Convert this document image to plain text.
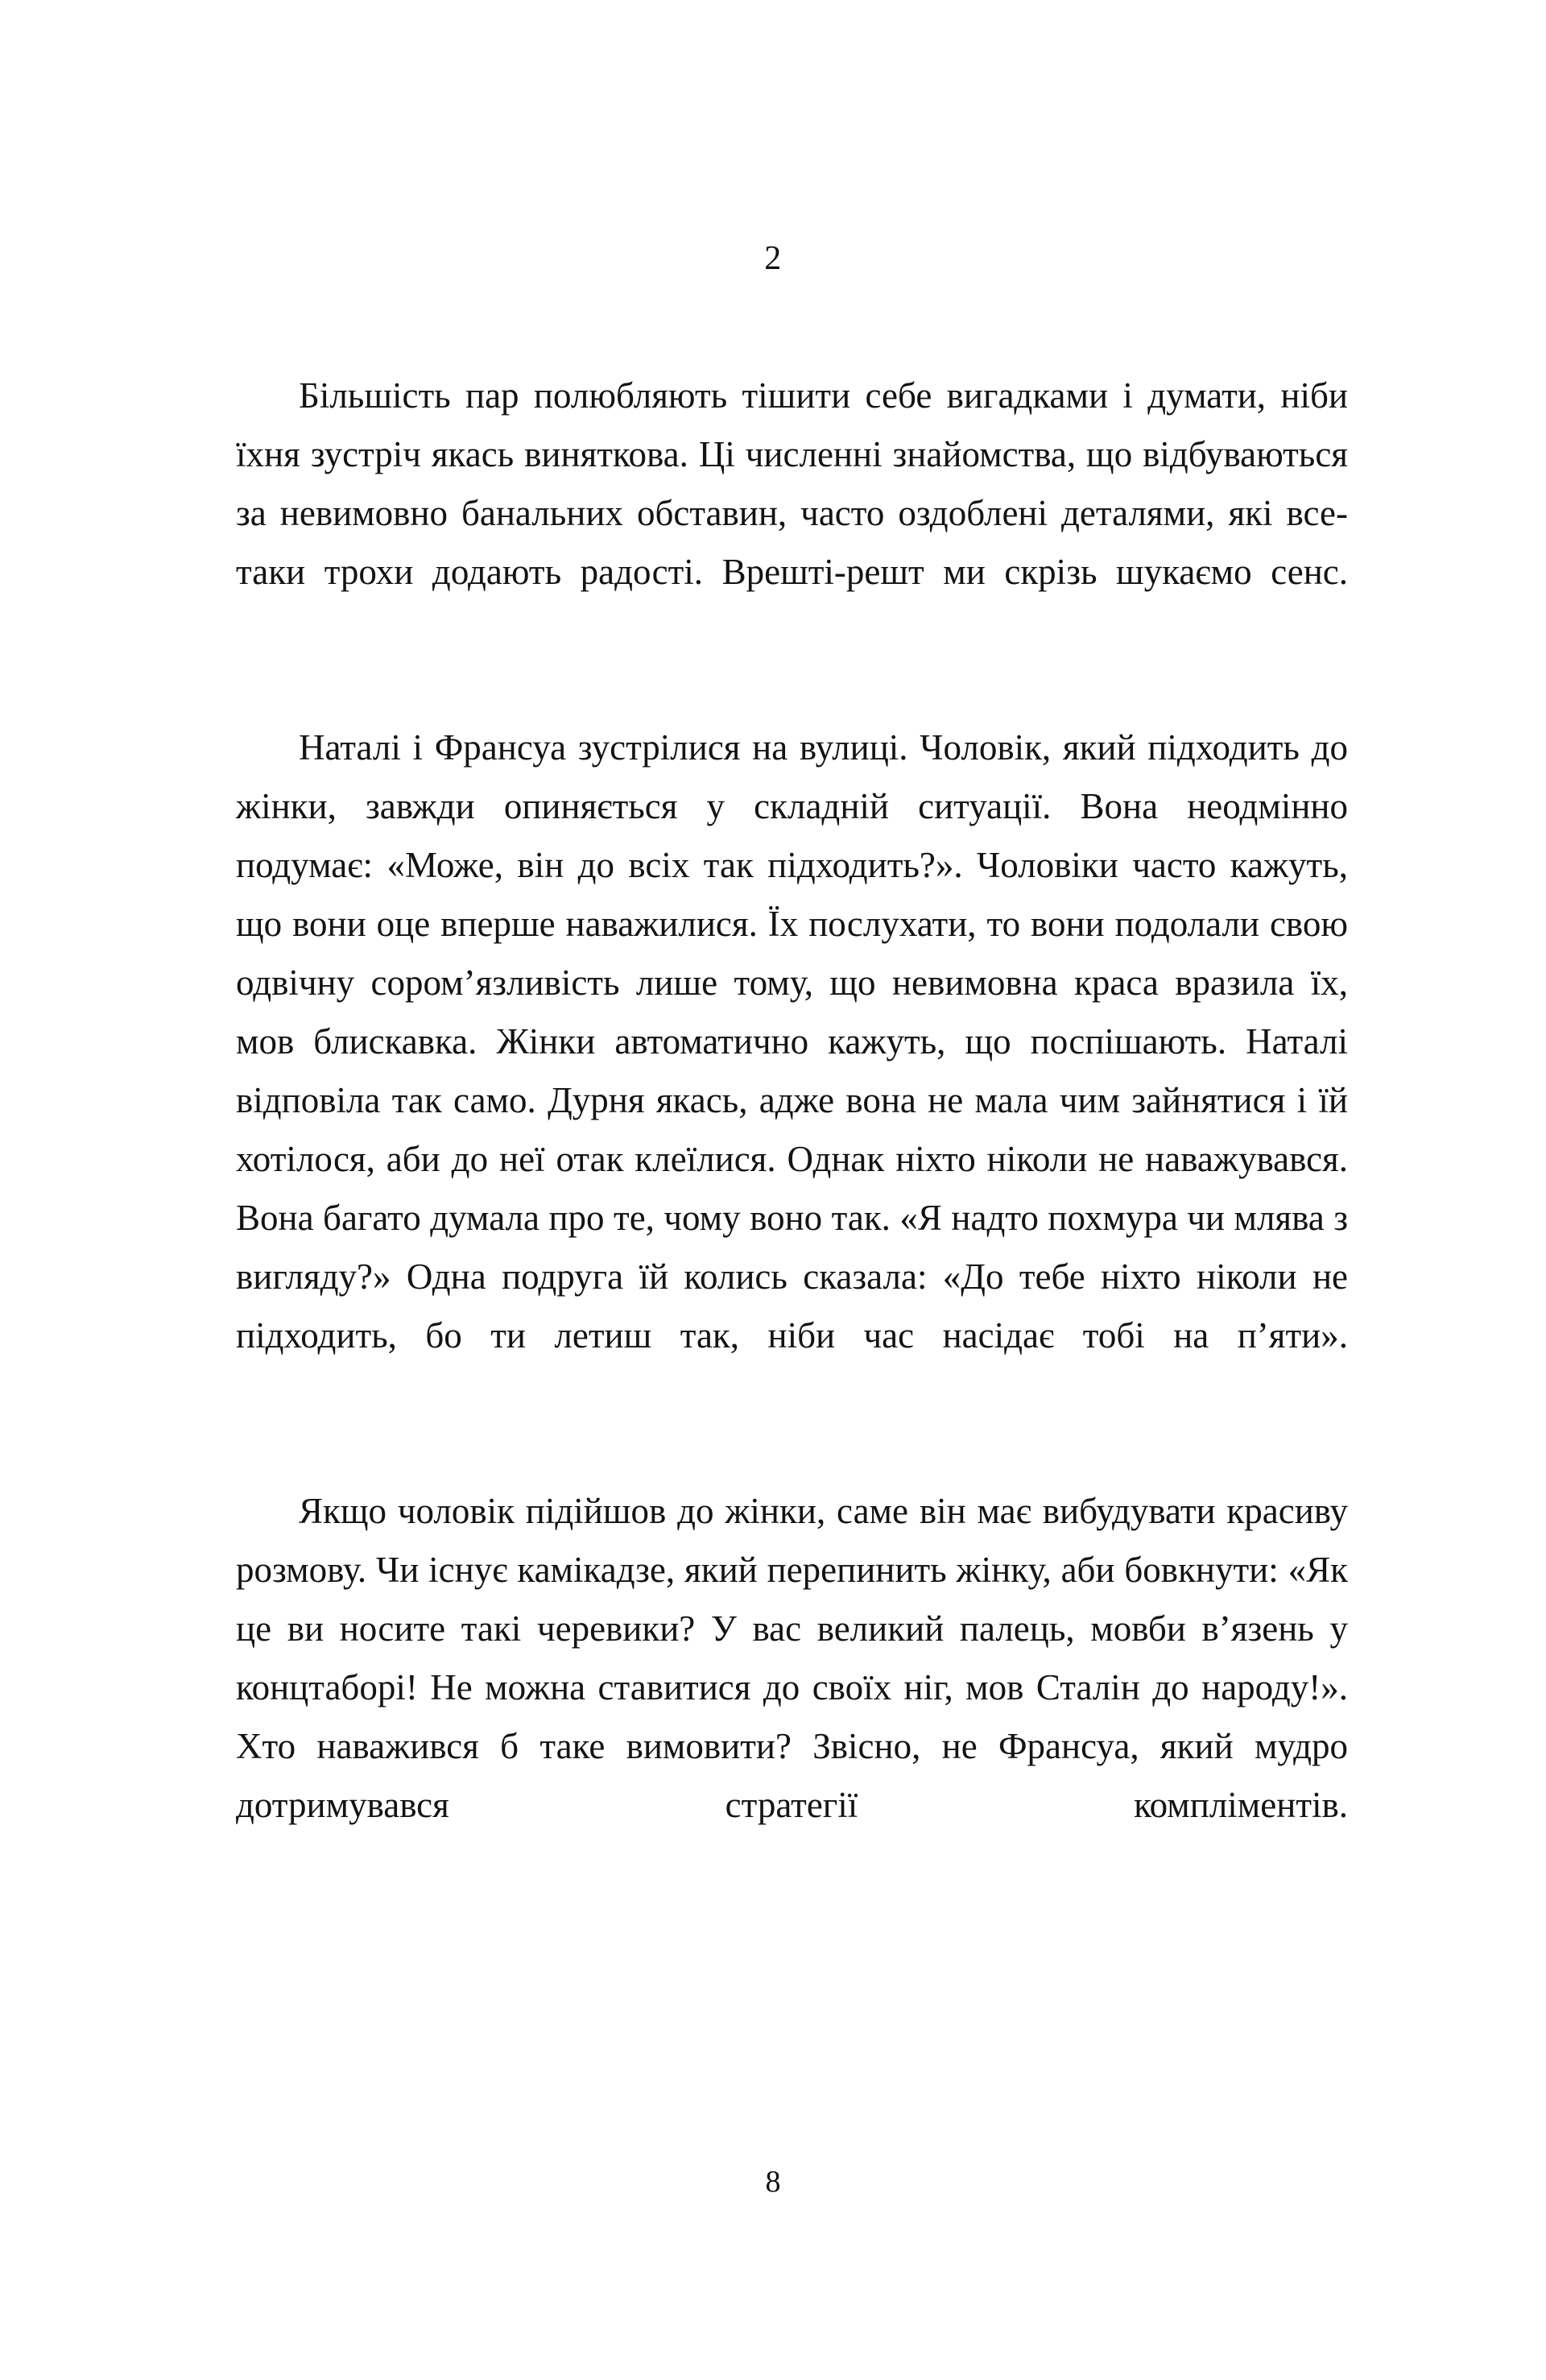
2

Більшість пар полюбляють тішити себе вигадками і думати, ніби їхня зустріч якась виняткова. Ці численні знайомства, що відбуваються за невимовно банальних обставин, часто оздоблені деталями, які все-таки трохи додають радості. Врешті-решт ми скрізь шукаємо сенс.

Наталі і Франсуа зустрілися на вулиці. Чоловік, який підходить до жінки, завжди опиняється у складній ситуації. Вона неодмінно подумає: «Може, він до всіх так підходить?». Чоловіки часто кажуть, що вони оце вперше наважилися. Їх послухати, то вони подолали свою одвічну сором’язливість лише тому, що невимовна краса вразила їх, мов блискавка. Жінки автоматично кажуть, що поспішають. Наталі відповіла так само. Дурня якась, адже вона не мала чим зайнятися і їй хотілося, аби до неї отак клеїлися. Однак ніхто ніколи не наважувався. Вона багато думала про те, чому воно так. «Я надто похмура чи млява з вигляду?» Одна подруга їй колись сказала: «До тебе ніхто ніколи не підходить, бо ти летиш так, ніби час насідає тобі на п’яти».

Якщо чоловік підійшов до жінки, саме він має вибудувати красиву розмову. Чи існує камікадзе, який перепинить жінку, аби бовкнути: «Як це ви носите такі черевики? У вас великий палець, мовби в’язень у концтаборі! Не можна ставитися до своїх ніг, мов Сталін до народу!». Хто наважився б таке вимовити? Звісно, не Франсуа, який мудро дотримувався стратегії компліментів.

8
